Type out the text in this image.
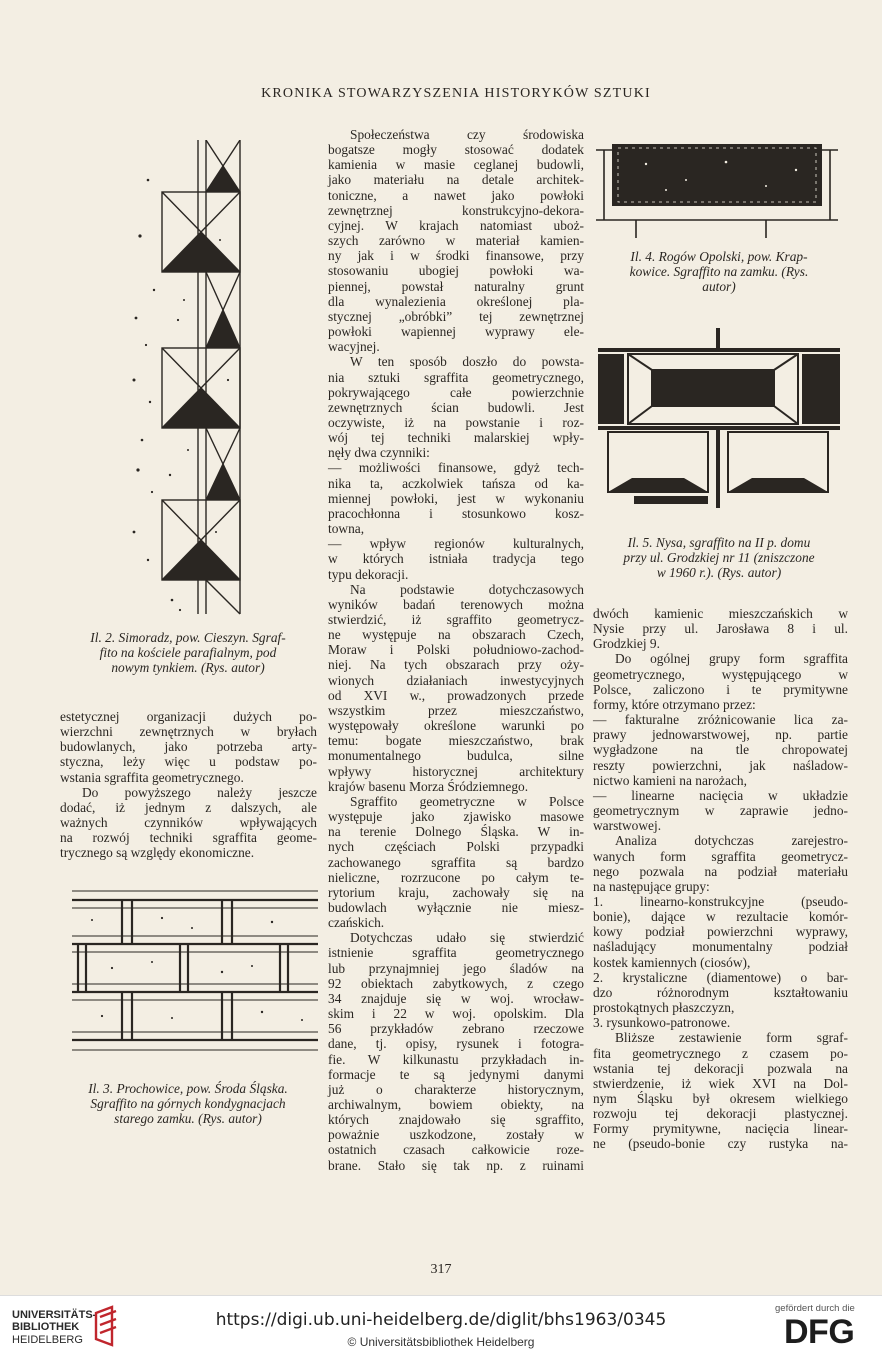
KRONIKA STOWARZYSZENIA HISTORYKÓW SZTUKI
Il. 2. Simoradz, pow. Cieszyn. Sgraf-
fito na kościele parafialnym, pod
nowym tynkiem. (Rys. autor)

estetycznej organizacji dużych po-

wierzchni zewnętrznych w bryłach

budowlanych, jako potrzeba arty-

styczna, leży więc u podstaw po-

wstania sgraffita geometrycznego.

Do powyższego należy jeszcze

dodać, iż jednym z dalszych, ale

ważnych czynników wpływających

na rozwój techniki sgraffita geome-

trycznego są względy ekonomiczne.

Il. 3. Prochowice, pow. Środa Śląska.
Sgraffito na górnych kondygnacjach
starego zamku. (Rys. autor)

Społeczeństwa czy środowiska

bogatsze mogły stosować dodatek

kamienia w masie ceglanej budowli,

jako materiału na detale architek-

tonicznе, a nawet jako powłoki

zewnętrznej konstrukcyjno-dekora-

cyjnej. W krajach natomiast uboż-

szych zarówno w materiał kamien-

ny jak i w środki finansowe, przy

stosowaniu ubogiej powłoki wa-

piennej, powstał naturalny grunt

dla wynalezienia określonej pla-

stycznej „obróbki” tej zewnętrznej

powłoki wapiennej wyprawy ele-

wacyjnej.

W ten sposób doszło do powsta-

nia sztuki sgraffita geometrycznego,

pokrywającego całe powierzchnie

zewnętrznych ścian budowli. Jest

oczywiste, iż na powstanie i roz-

wój tej techniki malarskiej wpły-

nęły dwa czynniki:

— możliwości finansowe, gdyż tech-

nika ta, aczkolwiek tańsza od ka-

miennej powłoki, jest w wykonaniu

pracochłonna i stosunkowo kosz-

towna,

— wpływ regionów kulturalnych,

w których istniała tradycja tego

typu dekoracji.

Na podstawie dotychczasowych

wyników badań terenowych można

stwierdzić, iż sgraffito geometrycz-

ne występuje na obszarach Czech,

Moraw i Polski południowo-zachod-

niej. Na tych obszarach przy oży-

wionych działaniach inwestycyjnych

od XVI w., prowadzonych przede

wszystkim przez mieszczaństwo,

występowały określone warunki po

temu: bogate mieszczaństwo, brak

monumentalnego budulca, silne

wpływy historycznej architektury

krajów basenu Morza Śródziemnego.

Sgraffito geometryczne w Polsce

występuje jako zjawisko masowe

na terenie Dolnego Śląska. W in-

nych częściach Polski przypadki

zachowanego sgraffita są bardzo

nieliczne, rozrzucone po całym te-

rytorium kraju, zachowały się na

budowlach wyłącznie nie miesz-

czańskich.

Dotychczas udało się stwierdzić

istnienie sgraffita geometrycznego

lub przynajmniej jego śladów na

92 obiektach zabytkowych, z czego

34 znajduje się w woj. wrocław-

skim i 22 w woj. opolskim. Dla

56 przykładów zebrano rzeczowe

dane, tj. opisy, rysunek i fotogra-

fie. W kilkunastu przykładach in-

formacje te są jedynymi danymi

już o charakterze historycznym,

archiwalnym, bowiem obiekty, na

których znajdowało się sgraffito,

poważnie uszkodzone, zostały w

ostatnich czasach całkowicie roze-

brane. Stało się tak np. z ruinami

Il. 4. Rogów Opolski, pow. Krap-
kowice. Sgraffito na zamku. (Rys.
autor)
Il. 5. Nysa, sgraffito na II p. domu
przy ul. Grodzkiej nr 11 (zniszczone
w 1960 r.). (Rys. autor)

dwóch kamienic mieszczańskich w

Nysie przy ul. Jarosława 8 i ul.

Grodzkiej 9.

Do ogólnej grupy form sgraffita

geometrycznego, występującego w

Polsce, zaliczono i te prymitywne

formy, które otrzymano przez:

— fakturalne zróżnicowanie lica za-

prawy jednowarstwowej, np. partie

wygładzone na tle chropowatej

reszty powierzchni, jak naśladow-

nictwo kamieni na narożach,

— linearne nacięcia w układzie

geometrycznym w zaprawie jedno-

warstwowej.

Analiza dotychczas zarejestro-

wanych form sgraffita geometrycz-

nego pozwala na podział materiału

na następujące grupy:

1. linearno-konstrukcyjne (pseudo-

bonie), dające w rezultacie komór-

kowy podział powierzchni wyprawy,

naśladujący monumentalny podział

kostek kamiennych (ciosów),

2. krystaliczne (diamentowe) o bar-

dzo różnorodnym kształtowaniu

prostokątnych płaszczyzn,

3. rysunkowo-patronowe.

Bliższe zestawienie form sgraf-

fita geometrycznego z czasem po-

wstania tej dekoracji pozwala na

stwierdzenie, iż wiek XVI na Dol-

nym Śląsku był okresem wielkiego

rozwoju tej dekoracji plastycznej.

Formy prymitywne, nacięcia linear-

ne (pseudo-bonie czy rustyka na-

317
UNIVERSITÄTS-
BIBLIOTHEK
HEIDELBERG
https://digi.ub.uni-heidelberg.de/diglit/bhs1963/0345
© Universitätsbibliothek Heidelberg
gefördert durch die
DFG
